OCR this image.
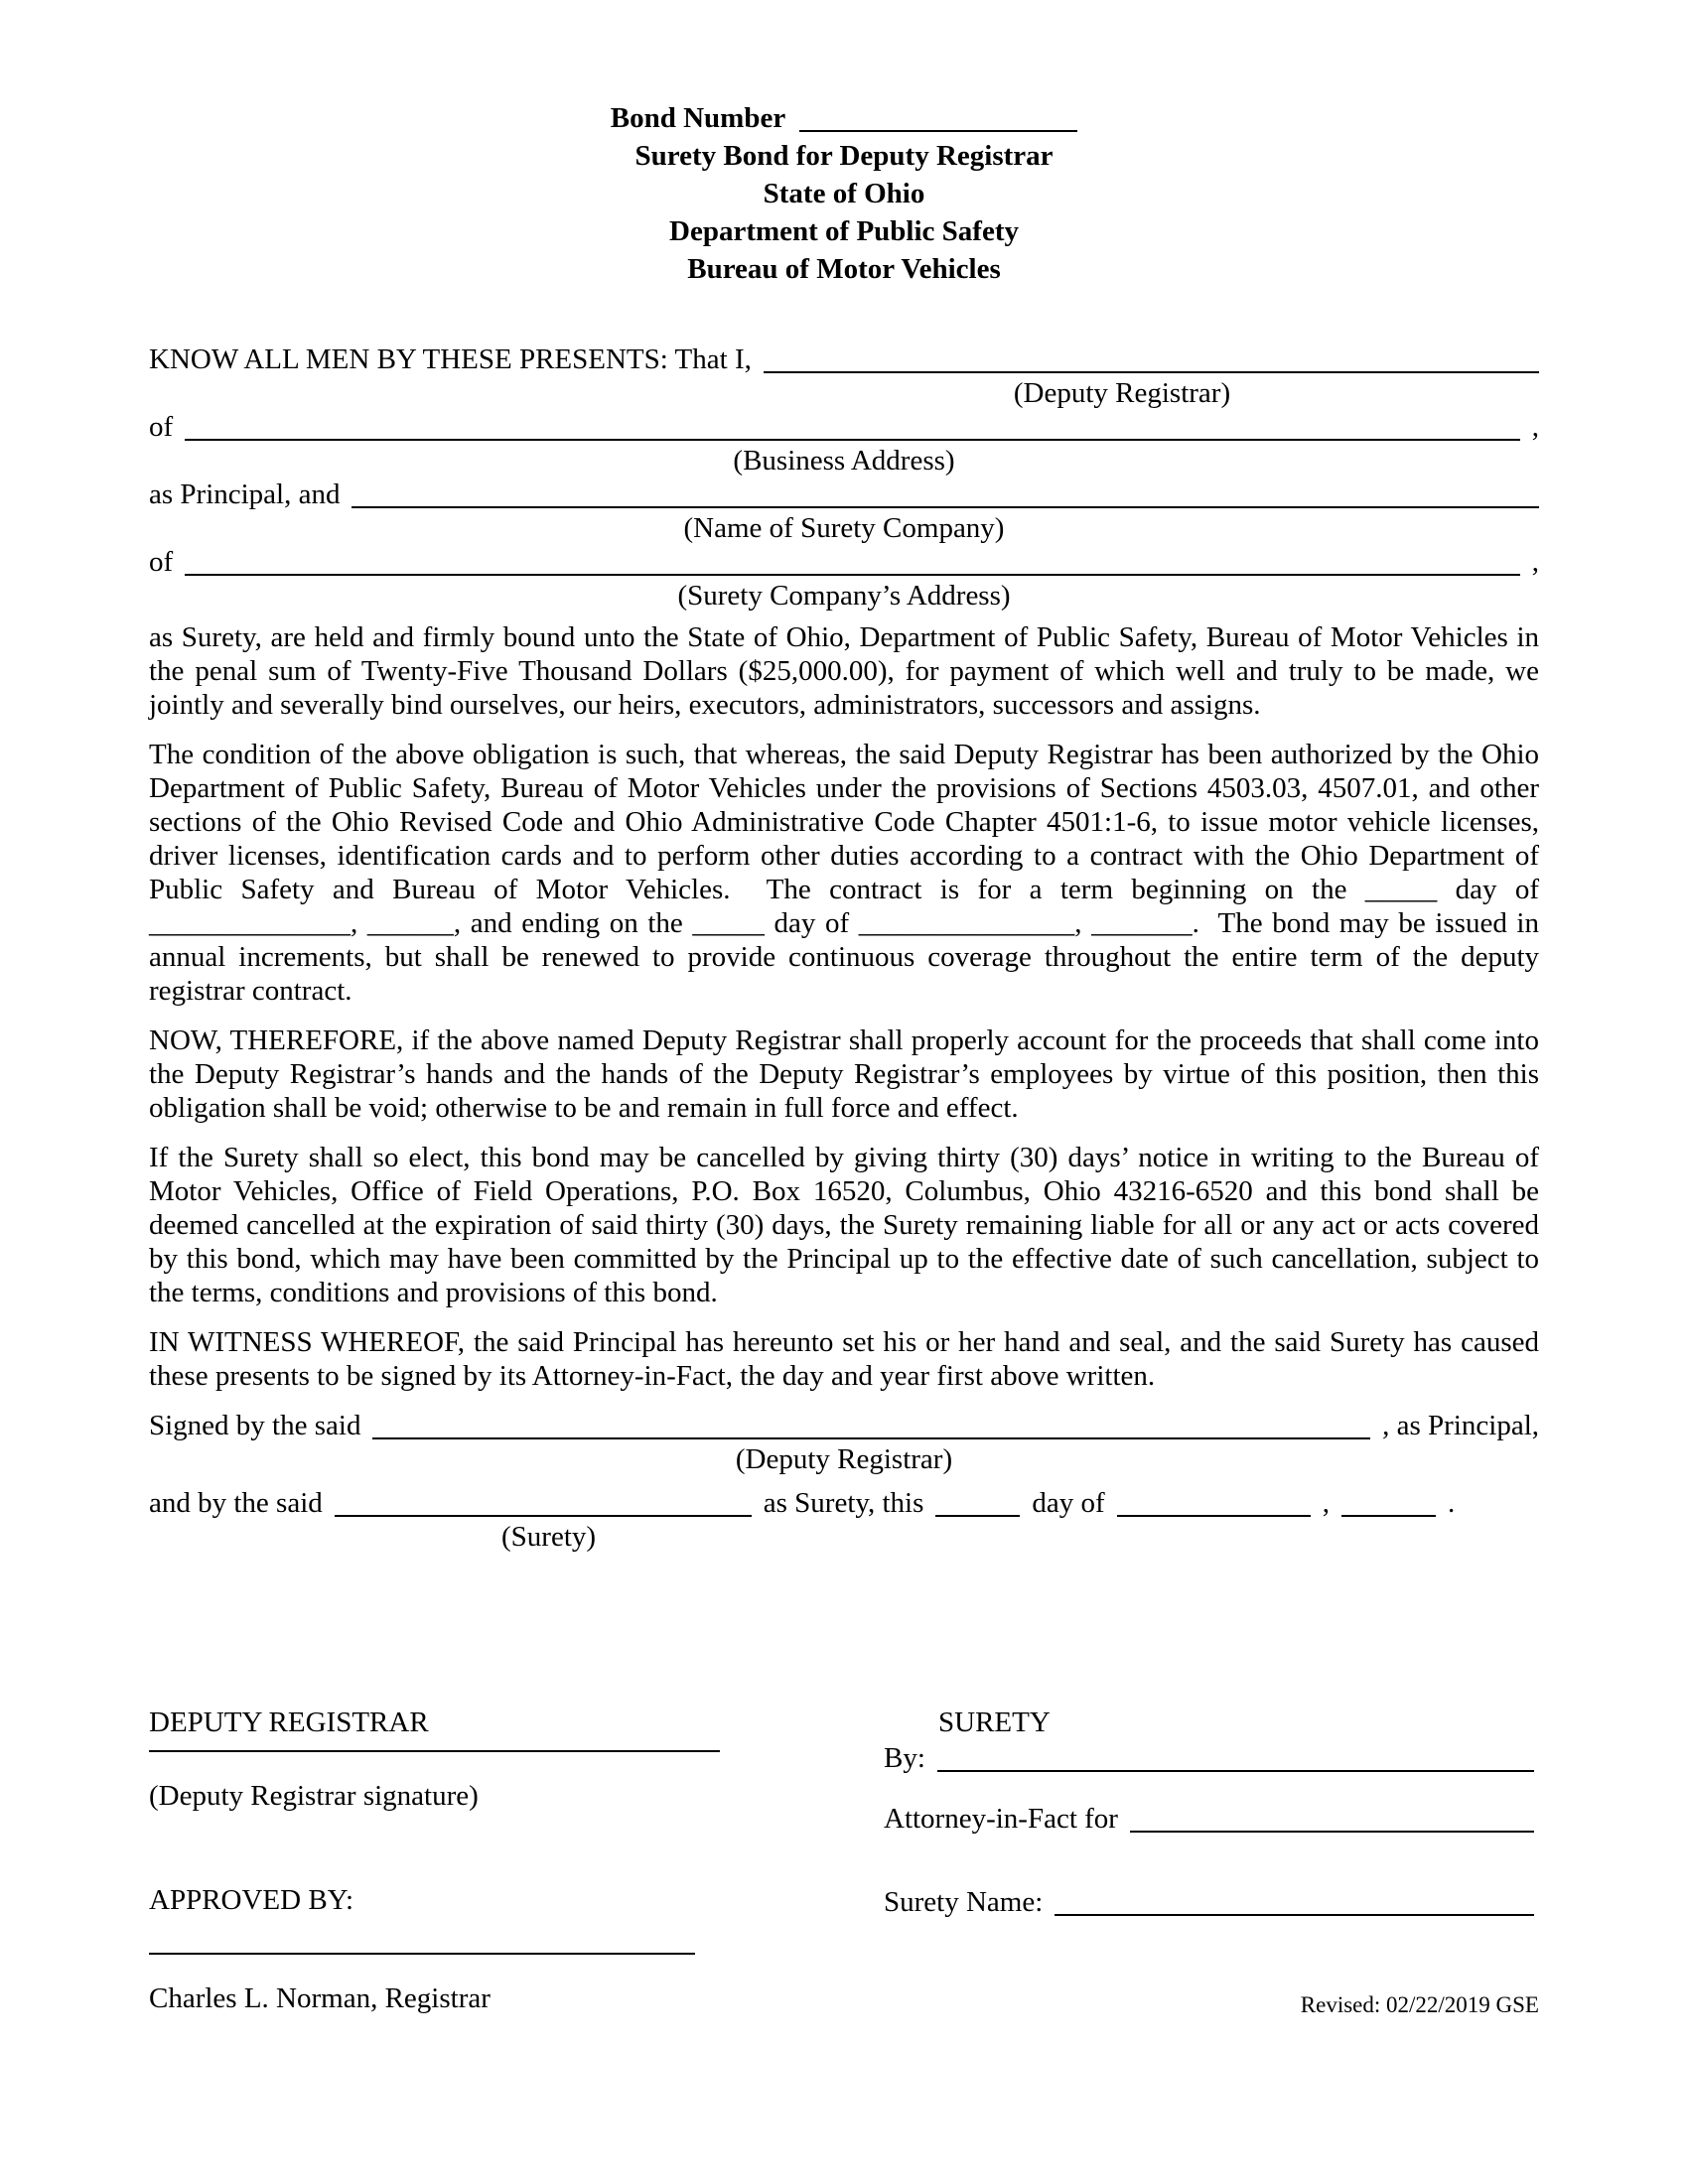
Bond Number
Surety Bond for Deputy Registrar
State of Ohio
Department of Public Safety
Bureau of Motor Vehicles
KNOW ALL MEN BY THESE PRESENTS: That I,
(Deputy Registrar)
of	,
(Business Address)
as Principal, and
(Name of Surety Company)
of	,
(Surety Company’s Address)

as Surety, are held and firmly bound unto the State of Ohio, Department of Public Safety, Bureau of Motor Vehicles in the penal sum of Twenty-Five Thousand Dollars ($25,000.00), for payment of which well and truly to be made, we jointly and severally bind ourselves, our heirs, executors, administrators, successors and assigns.

The condition of the above obligation is such, that whereas, the said Deputy Registrar has been authorized by the Ohio Department of Public Safety, Bureau of Motor Vehicles under the provisions of Sections 4503.03, 4507.01, and other sections of the Ohio Revised Code and Ohio Administrative Code Chapter 4501:1-6, to issue motor vehicle licenses, driver licenses, identification cards and to perform other duties according to a contract with the Ohio Department of Public Safety and Bureau of Motor Vehicles.  The contract is for a term beginning on the _____ day of ______________, ______, and ending on the _____ day of _______________, _______.  The bond may be issued in annual increments, but shall be renewed to provide continuous coverage throughout the entire term of the deputy registrar contract.

NOW, THEREFORE, if the above named Deputy Registrar shall properly account for the proceeds that shall come into the Deputy Registrar’s hands and the hands of the Deputy Registrar’s employees by virtue of this position, then this obligation shall be void; otherwise to be and remain in full force and effect.

If the Surety shall so elect, this bond may be cancelled by giving thirty (30) days’ notice in writing to the Bureau of Motor Vehicles, Office of Field Operations, P.O. Box 16520, Columbus, Ohio 43216-6520 and this bond shall be deemed cancelled at the expiration of said thirty (30) days, the Surety remaining liable for all or any act or acts covered by this bond, which may have been committed by the Principal up to the effective date of such cancellation, subject to the terms, conditions and provisions of this bond.

IN WITNESS WHEREOF, the said Principal has hereunto set his or her hand and seal, and the said Surety has caused these presents to be signed by its Attorney-in-Fact, the day and year first above written.

Signed by the said	, as Principal,
(Deputy Registrar)
and by the said	as Surety, this	day of	,	.
(Surety)
DEPUTY REGISTRAR	SURETY
By:
(Deputy Registrar signature)
Attorney-in-Fact for
APPROVED BY:	Surety Name:
Charles L. Norman, Registrar	Revised: 02/22/2019 GSE
